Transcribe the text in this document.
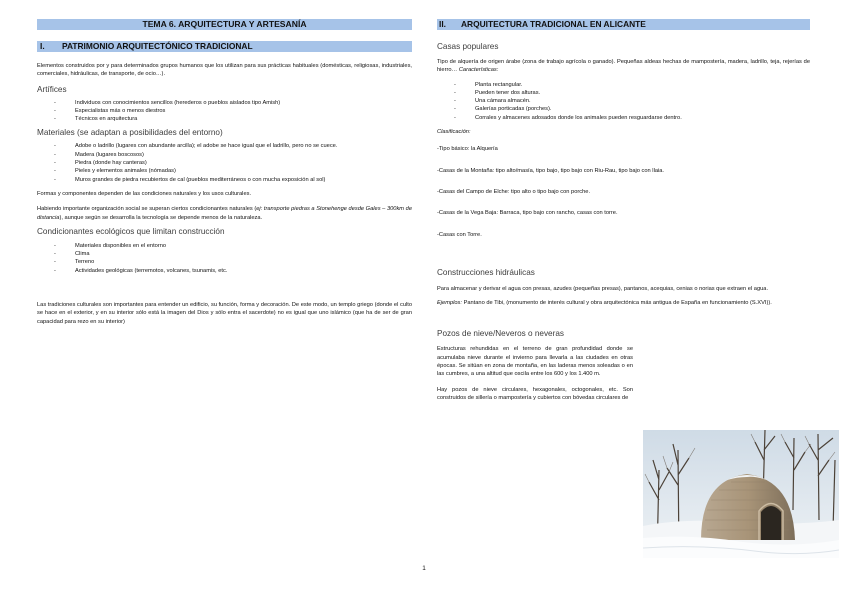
TEMA 6. ARQUITECTURA Y ARTESANÍA
I. PATRIMONIO ARQUITECTÓNICO TRADICIONAL

Elementos construidos por y para determinados grupos humanos que los utilizan para sus prácticas habituales (domésticas, religiosas, industriales, comerciales, hidráulicas, de transporte, de ocio…).

Artífices

- Individuos con conocimientos sencillos (herederos o pueblos aislados tipo Amish)
- Especialistas más o menos diestros
- Técnicos en arquitectura

Materiales (se adaptan a posibilidades del entorno)

- Adobe o ladrillo (lugares con abundante arcilla); el adobe se hace igual que el ladrillo, pero no se cuece.
- Madera (lugares boscosos)
- Piedra (donde hay canteras)
- Pieles y elementos animales (nómadas)
- Muros grandes de piedra recubiertos de cal (pueblos mediterráneos o con mucha exposición al sol)

Formas y componentes dependen de las condiciones naturales y los usos culturales.

Habiendo importante organización social se superan ciertos condicionantes naturales (ej: transporte piedras a Stonehenge desde Gales – 300km de distancia), aunque según se desarrolla la tecnología se depende menos de la naturaleza.

Condicionantes ecológicos que limitan construcción

- Materiales disponibles en el entorno
- Clima
- Terreno
- Actividades geológicas (terremotos, volcanes, tsunamis, etc.

Las tradiciones culturales son importantes para entender un edificio, su función, forma y decoración. De este modo, un templo griego (donde el culto se hace en el exterior, y en su interior sólo está la imagen del Dios y sólo entra el sacerdote) no es igual que uno islámico (que ha de ser de gran capacidad para rezo en su interior)

II. ARQUITECTURA TRADICIONAL EN ALICANTE

Casas populares

Tipo de alquería de origen árabe (zona de trabajo agrícola o ganado). Pequeñas aldeas hechas de mampostería, madera, ladrillo, teja, rejerías de hierro… Características:

- Planta rectangular.
- Pueden tener dos alturas.
- Una cámara almacén.
- Galerías porticadas (porches).
- Corrales y almacenes adosados donde los animales pueden resguardarse dentro.

Clasificación:

-Tipo básico: la Alquería

-Casas de la Montaña: tipo alto/masía, tipo bajo, tipo bajo con Riu-Rau, tipo bajo con llaia.

-Casas del Campo de Elche: tipo alto o tipo bajo con porche.

-Casas de la Vega Baja: Barraca, tipo bajo con rancho, casas con torre.

-Casas con Torre.

Construcciones hidráulicas

Para almacenar y derivar el agua con presas, azudes (pequeñas presas), pantanos, acequias, cenias o norias que extraen el agua.

Ejemplos: Pantano de Tibi, (monumento de interés cultural y obra arquitectónica más antigua de España en funcionamiento (S.XVI)).

Pozos de nieve/Neveros o neveras

Estructuras rehundidas en el terreno de gran profundidad donde se acumulaba nieve durante el invierno para llevarla a las ciudades en otras épocas. Se sitúan en zona de montaña, en las laderas menos soleadas o en las cumbres, a una altitud que oscila entre los 600 y los 1.400 m.

Hay pozos de nieve circulares, hexagonales, octogonales, etc. Son construidos de sillería o mampostería y cubiertos con bóvedas circulares de

1
